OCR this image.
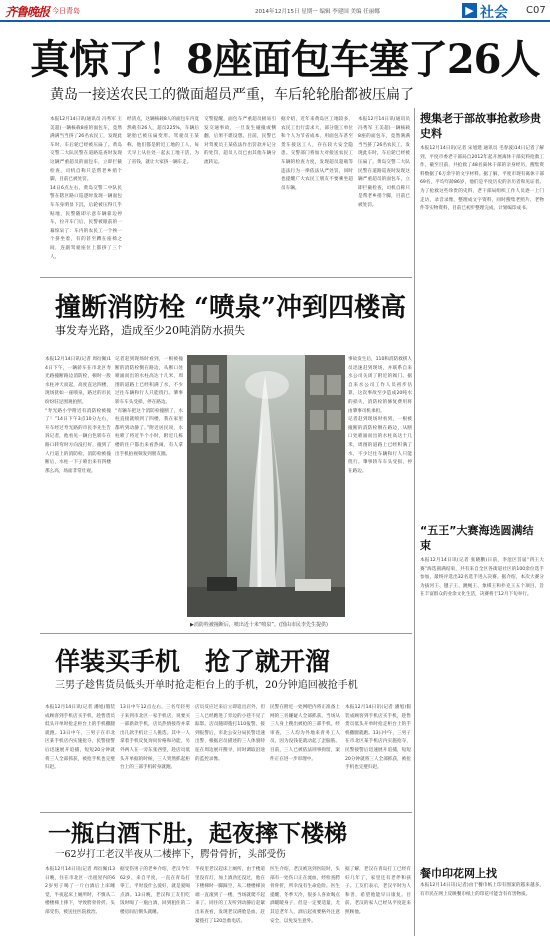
齐鲁晚报 今日青岛	2014年12月15日 星期一 编辑 李建国 美编 任丽娜	▶ 社会 C07
真惊了！8座面包车塞了26人
黄岛一接送农民工的微面超员严重，车后轮轮胎都被压扁了
本报12月14日讯(通讯员 冯秀军 王美超)一辆核载8座的面包车，竟然满满当当挤了26名农民工，发现此车时，车后轮已经被压扁了。黄岛交警二大队民警在道路巡查时发现这辆严重超员的面包车，立即拦截检查，司机自称只是帮老乡捎个脚，目前已被处罚。
14日6点左右，黄岛交警二中队民警在辖区路口巡逻时发现一辆面包车车身明显下沉，后轮被压得几乎贴地，民警随即示意车辆靠边停车，拉开车门后，民警被眼前的一幕惊呆了：车内的农民工一个挨一个挤坐着，有的甚至蹲在座椅之间，连副驾驶座位上都挤了三个人。
经清点，这辆核载8人的面包车内竟然载有26人，超员225%，车辆后轮胎已被压扁变形。驾驶员王某称，他们都是附近工地的工人，每天早上从住处一起去工地干活，为了省钱，就让大家挤一辆车走。
交警提醒，面包车严重超员极易引发交通事故，一旦发生碰撞或侧翻，后果不堪设想。目前，民警已对驾驶员王某依法作出罚款并记分的处罚，超员人员已由其他车辆分流转运。
据介绍，近年来黄岛区工地较多，农民工出行需求大，部分施工单位和个人为节省成本，用面包车甚至货车接送工人，存在较大安全隐患。交警部门将加大对接送农民工车辆的检查力度，发现超员超载等违法行为一律依法从严处罚，同时也提醒广大农民工朋友不要乘坐超员车辆。
本报12月14日讯(通讯员 冯秀军 王美超)一辆核载8座的面包车，竟然满满当当挤了26名农民工，发现此车时，车后轮已经被压扁了。黄岛交警二大队民警在道路巡查时发现这辆严重超员的面包车，立即拦截检查，司机自称只是帮老乡捎个脚，目前已被处罚。
撞断消防栓 “喷泉”冲到四楼高
事发寿光路，造成至少20吨消防水损失
本报12月14日讯(记者 周衍佩)14日下午，一辆轿车在市北区寿光路撞断路边消防栓，顿时一股水柱冲天而起，高度直达四楼，现场犹如一座喷泉，路过的市民纷纷驻足围观拍照。
“寿光路小学附近有消防栓被撞了！”14日下午3点10分左右，开车经过寿光路的市民李先生告诉记者，他看见一辆白色轿车在路口转弯时方向没打好，撞到了人行道上的消防栓，消防栓被撞断后，水柱一下子喷出来有四楼那么高，场面非常壮观。
记者赶到现场时看到，一根被撞断的消防栓倒在路边，从断口处喷涌而出的水柱高达十几米，周围的道路上已经积满了水，不少过往车辆和行人只能绕行。肇事轿车车头受损，停在路边。
“有辆车把这个消防栓撞断了，水柱直接就喷到了四楼，我在家里都听到动静了。”附近居民说，水柱喷了将近半个小时，附近几栋楼的住户都出来看热闹，有人拿出手机拍视频发到朋友圈。
事故发生后，110和消防救援人员迅速赶到现场，并联系自来水公司关闭了附近的阀门。据自来水公司工作人员初步估算，这次事故至少造成20吨水的损失，消防栓的修复费用将由肇事司机承担。
记者赶到现场时看到，一根被撞断的消防栓倒在路边，从断口处喷涌而出的水柱高达十几米，周围的道路上已经积满了水，不少过往车辆和行人只能绕行。肇事轿车车头受损，停在路边。
▶消防栓被撞断后，喷出近十米“喷泉”。(图由市民李先生提供)
佯装买手机　抢了就开溜
三男子趁售货员低头开单时抢走柜台上的手机，20分钟追回被抢手机
本报12月14日讯(记者 潘旭)假装成顾客到手机店买手机，趁售货员低头开单时抢走柜台上的手机撒腿就跑。13日中午，三男子在市北区某手机店内实施抢夺，民警接警后迅速展开追捕，短短20分钟就将三人全部抓获，被抢手机也完璧归赵。
13日中午12点左右，三名年轻男子来到市北区一家手机店，说要买一部新款手机，店员热情接待并拿出几款手机让三人挑选。其中一人拿着手机反复询问价格和功能，另外两人在一旁东张西望，趁店员低头开单据的时候，三人突然抓起柜台上的三部手机转身就跑。
店员反应过来后立即追出店外，但三人已经跑进了旁边的小巷不见了踪影。店员随即拨打110报警。接到报警后，市北公安分局民警迅速出警，根据店员描述的三人体貌特征在周边展开搜寻，同时调取沿途的监控录像。
民警在附近一处网吧内将正准备上网的三名嫌疑人全部抓获，当场从三人身上搜出被抢的三部手机。经审查，三人均为外地来青务工人员，因为没钱花就动起了歪脑筋。目前，三人已被依法刑事拘留，案件正在进一步审理中。
本报12月14日讯(记者 潘旭)假装成顾客到手机店买手机，趁售货员低头开单时抢走柜台上的手机撒腿就跑。13日中午，三男子在市北区某手机店内实施抢夺，民警接警后迅速展开追捕，短短20分钟就将三人全部抓获，被抢手机也完璧归赵。
一瓶白酒下肚，起夜摔下楼梯
一62岁打工老汉半夜从二楼摔下，腭骨骨折，头部受伤
本报12月14日讯(记者 周衍佩)13日晚，住在市北区一出租屋内的62岁男子喝了一斤白酒后上床睡觉，半夜起床上厕所时，不慎从二楼楼梯上摔下，导致腭骨骨折、头部受伤，被送往医院救治。
据受伤男子的老乡介绍，老汉今年62岁，来自平度，一直在青岛打零工，平时没什么爱好，就是爱喝点酒。13日晚，老汉和工友们吃饭时喝了一瓶白酒，回到租住的二楼房间后倒头就睡。
半夜里老汉起床上厕所，由于楼道里没有灯，加上酒劲还没过，他在下楼梯时一脚踩空，从二楼楼梯顶端一直滚到了一楼，当场就爬不起来了。同住的工友听到动静后赶紧出来查看，发现老汉满脸是血，赶紧拨打了120急救电话。
医生介绍，老汉被送到医院时，头部有一处伤口正在流血，经检查腭骨骨折，所幸没有生命危险。医生提醒，冬季天冷，很多人喜欢喝点酒暖暖身子，但是一定要适量，尤其是老年人，酒后起夜要格外注意安全，以免发生意外。
据了解，老汉在青岛打工已经有好几年了，家里还有老伴和孩子。工友们表示，老汉平时为人和善，希望他能早日康复。目前，老汉的家人已经从平度赶来照顾他。
搜集老于部故事抢救珍贵史料
本报12月14日讯(记者 宋旭建 通讯员 毛春波)14日记者了解到，平度市委老干部局自2012年起开展离休干部史料抢救工作，截至目前，共抢救了48名离休干部的亲身经历，搜集资料数据了6万余字的文字材料。据了解，平度市现有离休干部69名，平均年龄86岁，他们是平度历史的亲历者和见证者。为了抢救这些珍贵的史料，老干部局组织工作人员逐一上门走访，录音录像，整理成文字资料，同时搜集老照片、老物件等实物资料，目前已初步整理完成，计划编印成书。
“五王”大赛海选圆满结束
本报12月14日讯(记者 张晓鹏)日前，李沧区首届“四王大赛”海选圆满结束，共有来自全区各街道社区的100余位选手参加，最终评选出32名选手进入决赛。据介绍，本次大赛分为拔河王、毽子王、跳绳王、象棋王和扑克王五个项目，旨在丰富群众的业余文化生活，决赛将于12月下旬举行。
餐巾印花网上找
本报12月14日讯(记者)由于餐巾纸上印有图案的越来越多，有市民在网上反映餐巾纸上的印花可能含有有害物质。
